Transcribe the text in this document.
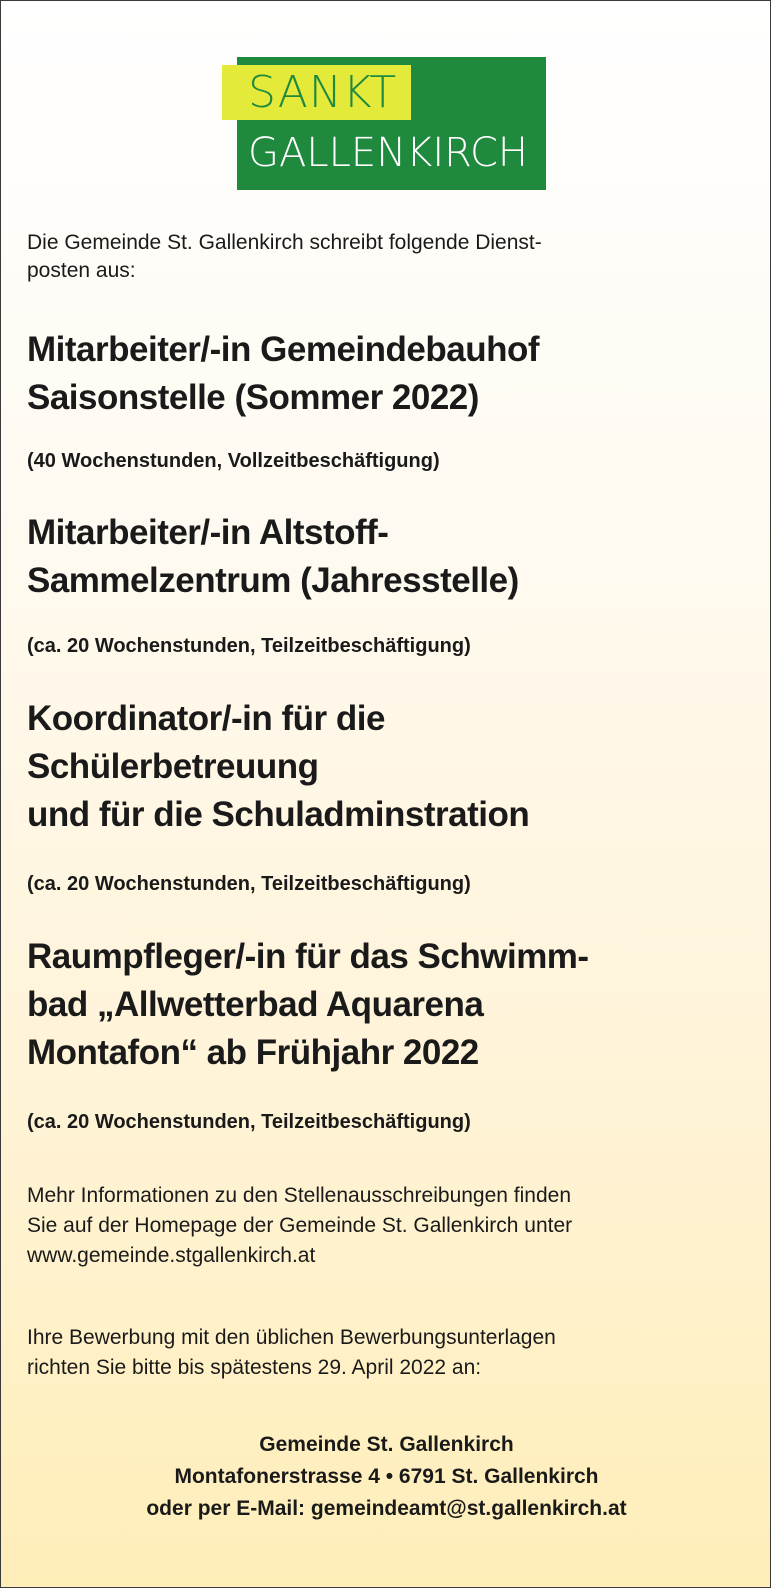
SANKT
GALLENKIRCH
Die Gemeinde St. Gallenkirch schreibt folgende Dienst-
posten aus:
Mitarbeiter/-in Gemeindebauhof
Saisonstelle (Sommer 2022)
(40 Wochenstunden, Vollzeitbeschäftigung)
Mitarbeiter/-in Altstoff-
Sammelzentrum (Jahresstelle)
(ca. 20 Wochenstunden, Teilzeitbeschäftigung)
Koordinator/-in für die
Schülerbetreuung
und für die Schuladminstration
(ca. 20 Wochenstunden, Teilzeitbeschäftigung)
Raumpfleger/-in für das Schwimm-
bad „Allwetterbad Aquarena
Montafon“ ab Frühjahr 2022
(ca. 20 Wochenstunden, Teilzeitbeschäftigung)
Mehr Informationen zu den Stellenausschreibungen finden
Sie auf der Homepage der Gemeinde St. Gallenkirch unter
www.gemeinde.stgallenkirch.at
Ihre Bewerbung mit den üblichen Bewerbungsunterlagen
richten Sie bitte bis spätestens 29. April 2022 an:
Gemeinde St. Gallenkirch
Montafonerstrasse 4 • 6791 St. Gallenkirch
oder per E-Mail: gemeindeamt@st.gallenkirch.at
